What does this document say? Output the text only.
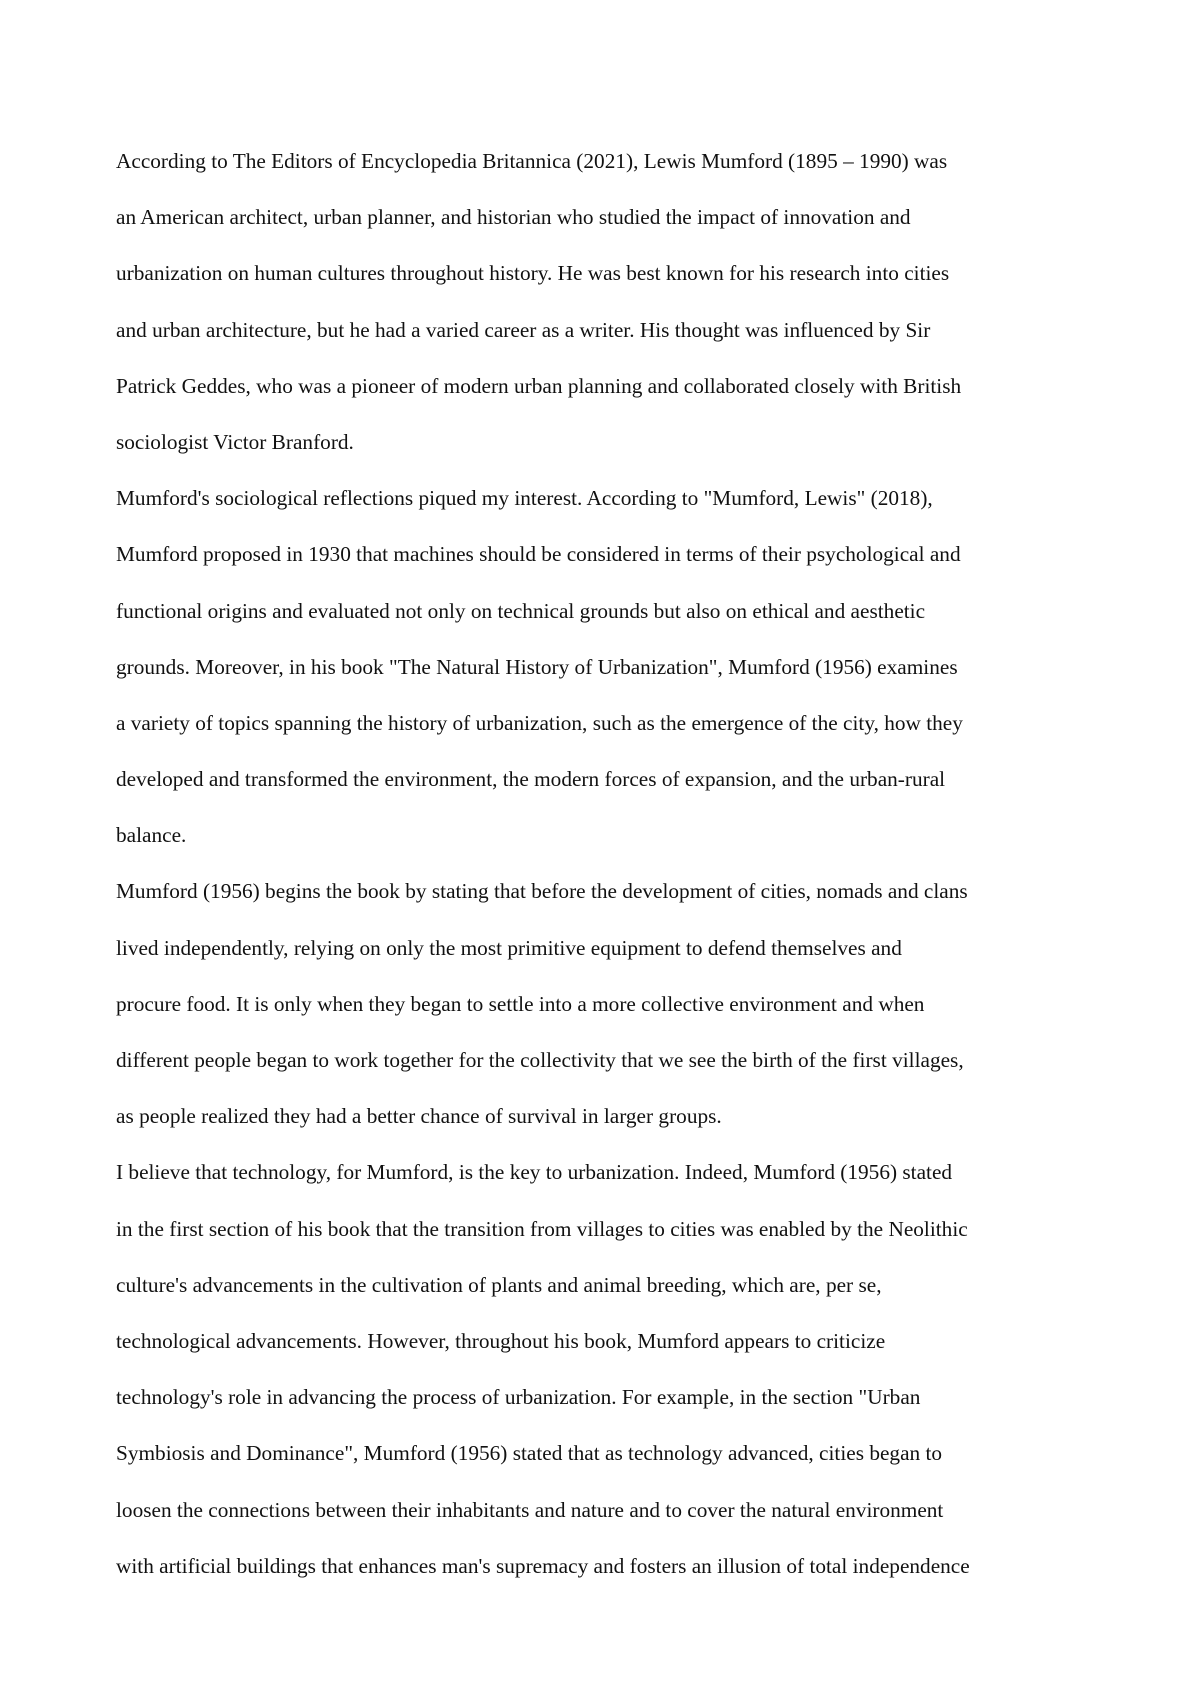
According to The Editors of Encyclopedia Britannica (2021), Lewis Mumford (1895 – 1990) was
an American architect, urban planner, and historian who studied the impact of innovation and
urbanization on human cultures throughout history. He was best known for his research into cities
and urban architecture, but he had a varied career as a writer. His thought was influenced by Sir
Patrick Geddes, who was a pioneer of modern urban planning and collaborated closely with British
sociologist Victor Branford.
Mumford's sociological reflections piqued my interest. According to "Mumford, Lewis" (2018),
Mumford proposed in 1930 that machines should be considered in terms of their psychological and
functional origins and evaluated not only on technical grounds but also on ethical and aesthetic
grounds. Moreover, in his book "The Natural History of Urbanization", Mumford (1956) examines
a variety of topics spanning the history of urbanization, such as the emergence of the city, how they
developed and transformed the environment, the modern forces of expansion, and the urban-rural
balance.
Mumford (1956) begins the book by stating that before the development of cities, nomads and clans
lived independently, relying on only the most primitive equipment to defend themselves and
procure food. It is only when they began to settle into a more collective environment and when
different people began to work together for the collectivity that we see the birth of the first villages,
as people realized they had a better chance of survival in larger groups.
I believe that technology, for Mumford, is the key to urbanization. Indeed, Mumford (1956) stated
in the first section of his book that the transition from villages to cities was enabled by the Neolithic
culture's advancements in the cultivation of plants and animal breeding, which are, per se,
technological advancements. However, throughout his book, Mumford appears to criticize
technology's role in advancing the process of urbanization. For example, in the section "Urban
Symbiosis and Dominance", Mumford (1956) stated that as technology advanced, cities began to
loosen the connections between their inhabitants and nature and to cover the natural environment
with artificial buildings that enhances man's supremacy and fosters an illusion of total independence
